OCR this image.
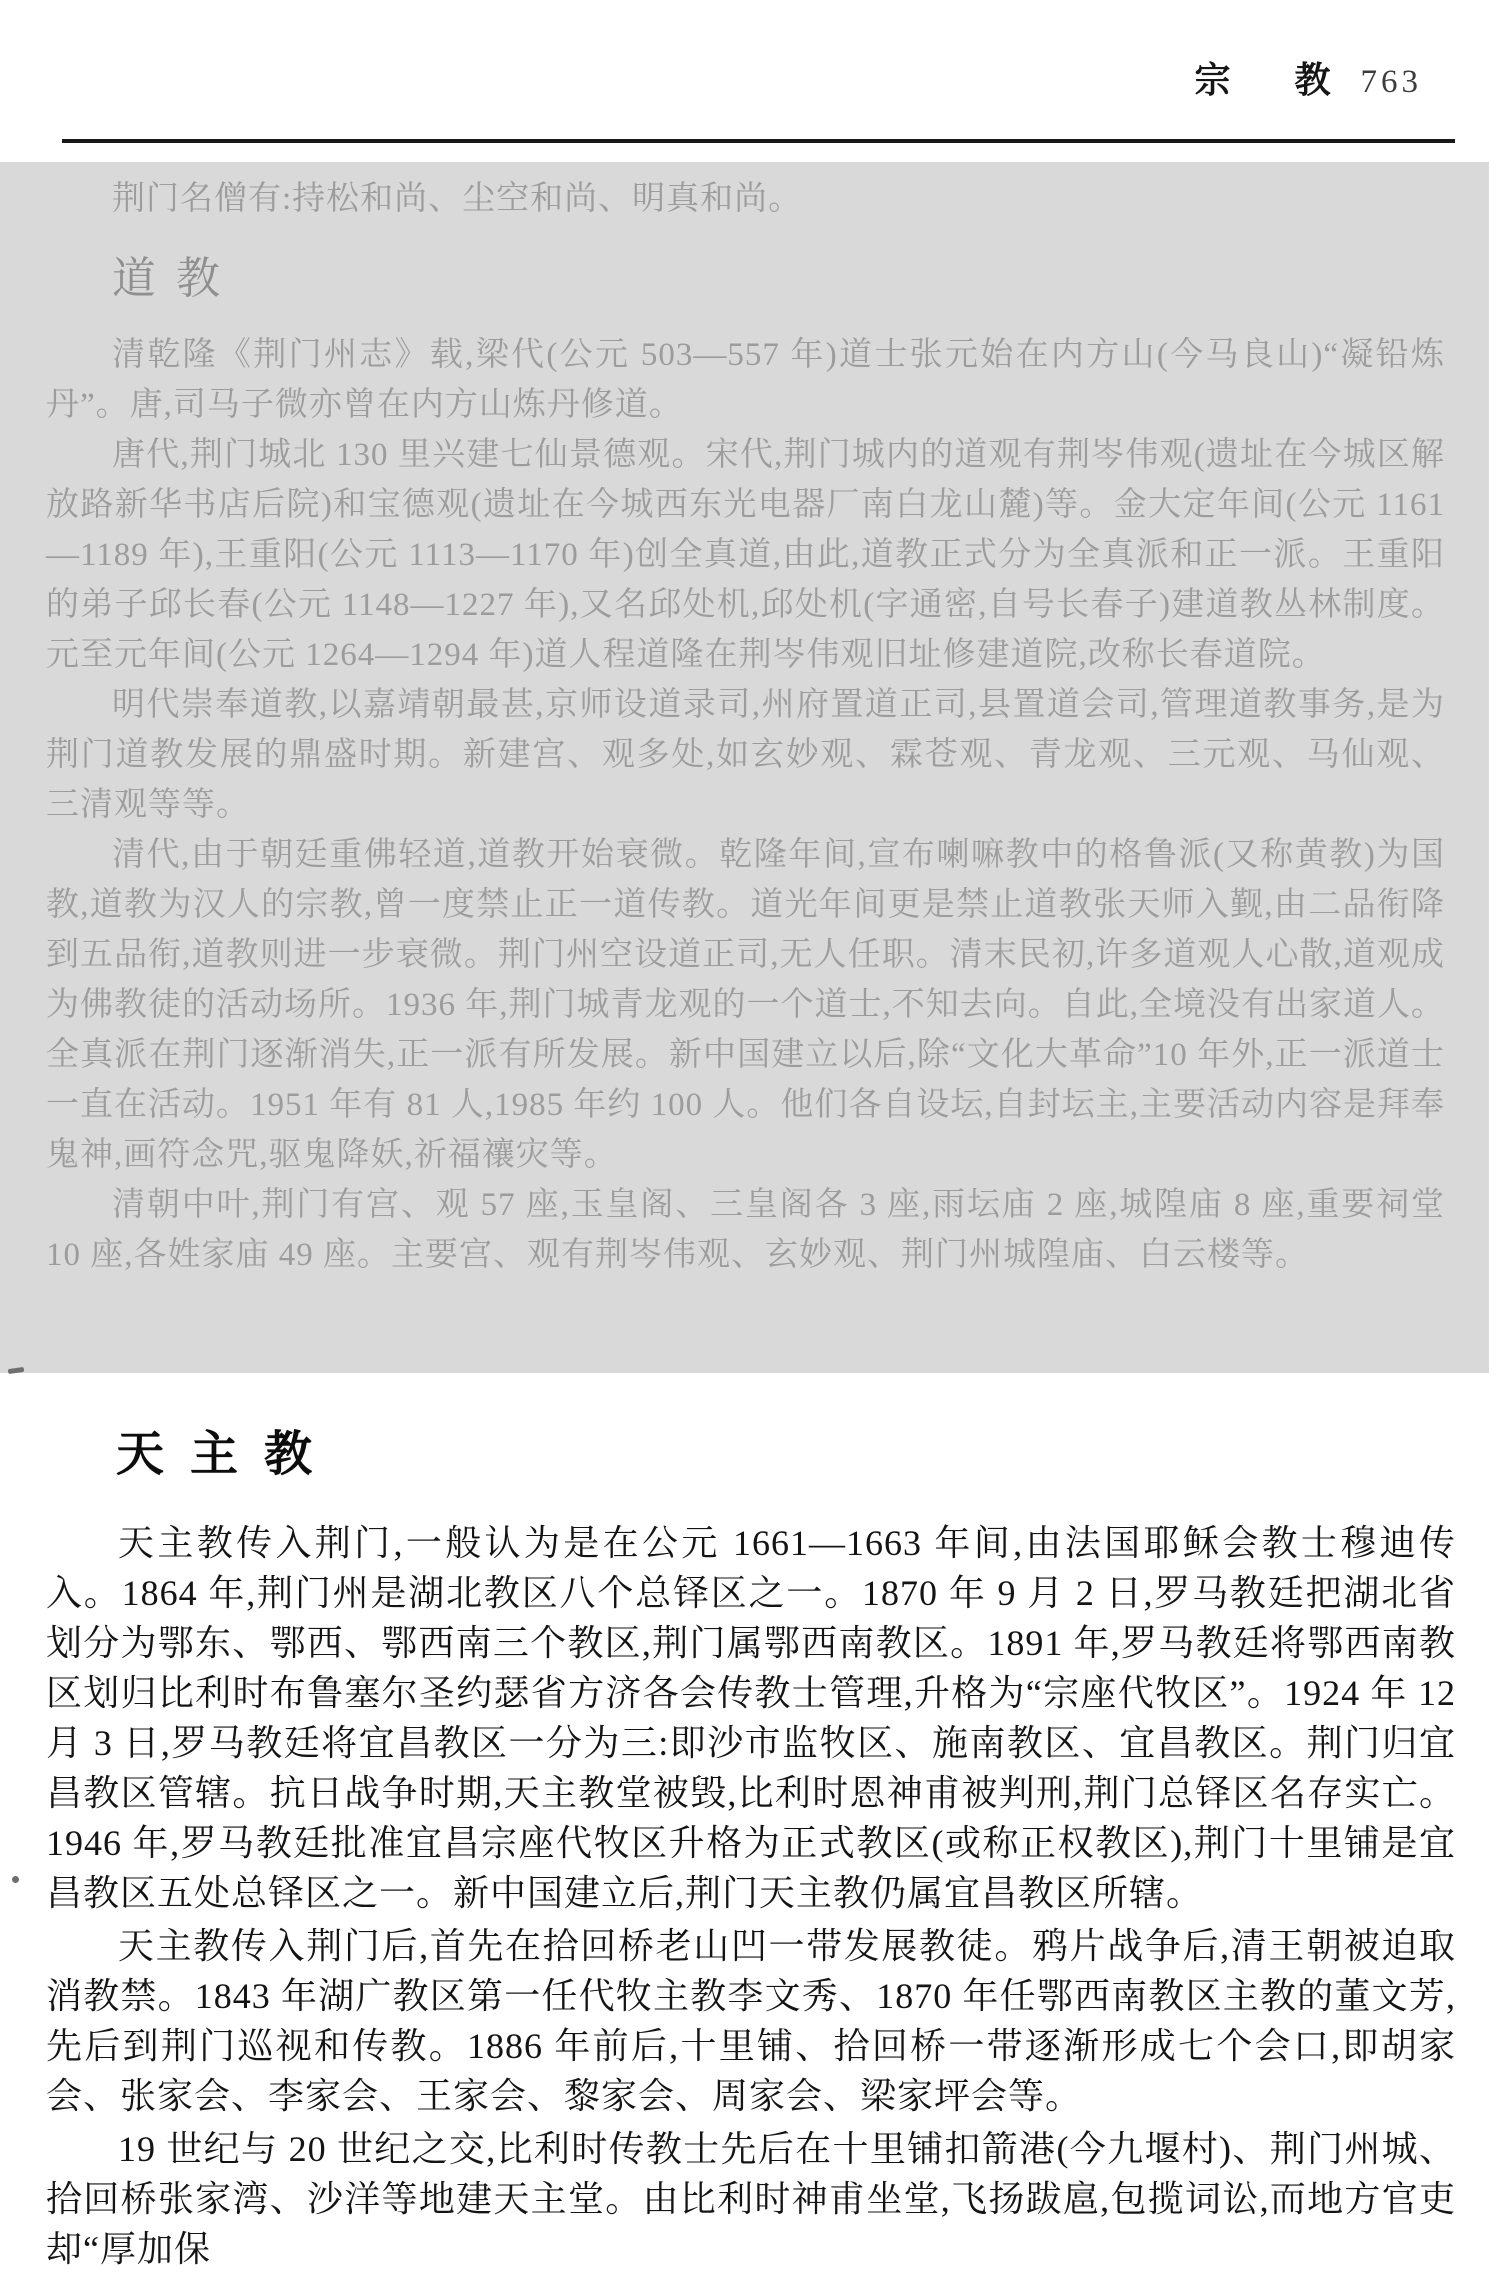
宗 教 763

荆门名僧有:持松和尚、尘空和尚、明真和尚。

道教

清乾隆《荆门州志》载,梁代(公元 503—557 年)道士张元始在内方山(今马良山)“凝铅炼丹”。唐,司马子微亦曾在内方山炼丹修道。

唐代,荆门城北 130 里兴建七仙景德观。宋代,荆门城内的道观有荆岑伟观(遗址在今城区解放路新华书店后院)和宝德观(遗址在今城西东光电器厂南白龙山麓)等。金大定年间(公元 1161—1189 年),王重阳(公元 1113—1170 年)创全真道,由此,道教正式分为全真派和正一派。王重阳的弟子邱长春(公元 1148—1227 年),又名邱处机,邱处机(字通密,自号长春子)建道教丛林制度。元至元年间(公元 1264—1294 年)道人程道隆在荆岑伟观旧址修建道院,改称长春道院。

明代崇奉道教,以嘉靖朝最甚,京师设道录司,州府置道正司,县置道会司,管理道教事务,是为荆门道教发展的鼎盛时期。新建宫、观多处,如玄妙观、霖苍观、青龙观、三元观、马仙观、三清观等等。

清代,由于朝廷重佛轻道,道教开始衰微。乾隆年间,宣布喇嘛教中的格鲁派(又称黄教)为国教,道教为汉人的宗教,曾一度禁止正一道传教。道光年间更是禁止道教张天师入觐,由二品衔降到五品衔,道教则进一步衰微。荆门州空设道正司,无人任职。清末民初,许多道观人心散,道观成为佛教徒的活动场所。1936 年,荆门城青龙观的一个道士,不知去向。自此,全境没有出家道人。全真派在荆门逐渐消失,正一派有所发展。新中国建立以后,除“文化大革命”10 年外,正一派道士一直在活动。1951 年有 81 人,1985 年约 100 人。他们各自设坛,自封坛主,主要活动内容是拜奉鬼神,画符念咒,驱鬼降妖,祈福禳灾等。

清朝中叶,荆门有宫、观 57 座,玉皇阁、三皇阁各 3 座,雨坛庙 2 座,城隍庙 8 座,重要祠堂 10 座,各姓家庙 49 座。主要宫、观有荆岑伟观、玄妙观、荆门州城隍庙、白云楼等。

天主教

天主教传入荆门,一般认为是在公元 1661—1663 年间,由法国耶稣会教士穆迪传入。1864 年,荆门州是湖北教区八个总铎区之一。1870 年 9 月 2 日,罗马教廷把湖北省划分为鄂东、鄂西、鄂西南三个教区,荆门属鄂西南教区。1891 年,罗马教廷将鄂西南教区划归比利时布鲁塞尔圣约瑟省方济各会传教士管理,升格为“宗座代牧区”。1924 年 12 月 3 日,罗马教廷将宜昌教区一分为三:即沙市监牧区、施南教区、宜昌教区。荆门归宜昌教区管辖。抗日战争时期,天主教堂被毁,比利时恩神甫被判刑,荆门总铎区名存实亡。1946 年,罗马教廷批准宜昌宗座代牧区升格为正式教区(或称正权教区),荆门十里铺是宜昌教区五处总铎区之一。新中国建立后,荆门天主教仍属宜昌教区所辖。

天主教传入荆门后,首先在拾回桥老山凹一带发展教徒。鸦片战争后,清王朝被迫取消教禁。1843 年湖广教区第一任代牧主教李文秀、1870 年任鄂西南教区主教的董文芳,先后到荆门巡视和传教。1886 年前后,十里铺、拾回桥一带逐渐形成七个会口,即胡家会、张家会、李家会、王家会、黎家会、周家会、梁家坪会等。

19 世纪与 20 世纪之交,比利时传教士先后在十里铺扣箭港(今九堰村)、荆门州城、拾回桥张家湾、沙洋等地建天主堂。由比利时神甫坐堂,飞扬跋扈,包揽词讼,而地方官吏却“厚加保
